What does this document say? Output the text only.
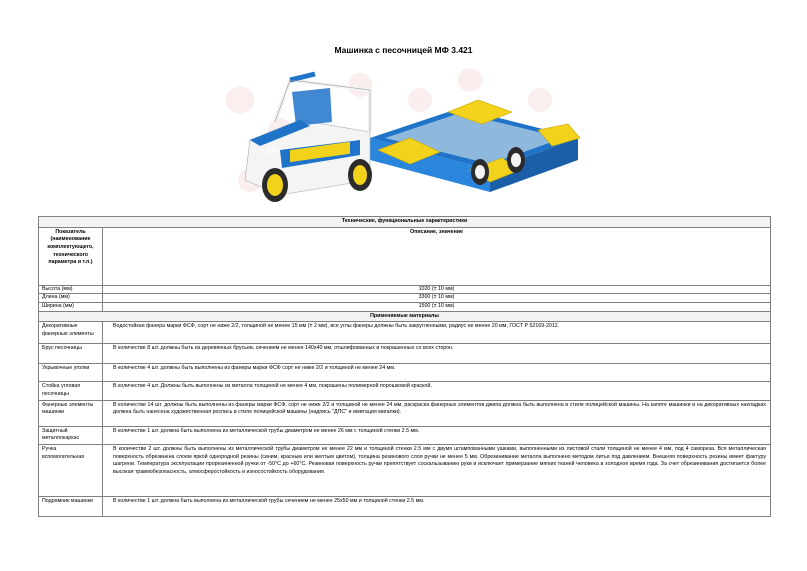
Машинка с песочницей МФ 3.421
ДПС
Технические, функциональные характеристики	
Показатель (наименование комплектующего, технического параметра и т.п.)	Описание, значение
Высота (мм)	1020 (± 10 мм)
Длина (мм)	3300 (± 10 мм)
Ширина (мм)	1500 (± 10 мм)
Применяемые материалы	
Декоративные фанерные элементы	Водостойкая фанера марки ФСФ, сорт не ниже 2/2, толщиной не менее 15 мм (± 2 мм), все углы фанеры должны быть закругленными, радиус не менее 20 мм, ГОСТ Р 52169-2012.
Брус песочницы	В количестве 8 шт. должны быть из деревянных брусьев, сечением не менее 140х40 мм, отшлифованных и покрашенных со всех сторон.
Укрывочные уголки	В количестве 4 шт. должны быть выполнены из фанеры марки ФСФ сорт не ниже 2/2 и толщиной не менее 24 мм.
Стойка угловая песочницы	В количестве 4 шт. Должны быть выполнены из металла толщиной не менее 4 мм, покрашены полимерной порошковой краской.
Фанерные элементы машинки	В количестве 14 шт. должны быть выполнены из фанеры марки ФСФ, сорт не ниже 2/2 и толщиной не менее 24 мм, раскраска фанерных элементов джипа должна быть выполнена в стиле полицейской машины. На капоте машинки и на декоративных накладках должна быть нанесена художественная роспись в стиле полицейской машины (надпись "ДПС" и имитация мигалки).
Защитный металлокаркас	В количестве 1 шт. должна быть выполнена из металлической трубы диаметром не менее 26 мм с толщиной стенки 2.5 мм.
Ручка вспомогательная	В количестве 2 шт. должны быть выполнены из металлической трубы диаметром не менее 22 мм и толщиной стенки 2.5 мм с двумя штампованными ушками, выполненными из листовой стали толщиной не менее 4 мм, под 4 самореза. Вся металлическая поверхность обрезинена слоем яркой однородной резины (синим, красным или желтым цветом), толщина резинового слоя ручки не менее 5 мм. Обрезинивание металла выполнено методом литья под давлением. Внешняя поверхность резины имеет фактуру шагрени. Температура эксплуатации прорезиненной ручки от -50°С до +60°С. Резиновая поверхность ручки препятствует соскальзыванию руки и исключает примерзание мягких тканей человека в холодное время года. За счет обрезинивания достигается более высокая травмобезопасность, атмосферостойкость и износостойкость оборудования.
Подрамник машинки	В количестве 1 шт. должна быть выполнена из металлической трубы сечением не менее 25х50 мм и толщиной стенки 2.5 мм.
